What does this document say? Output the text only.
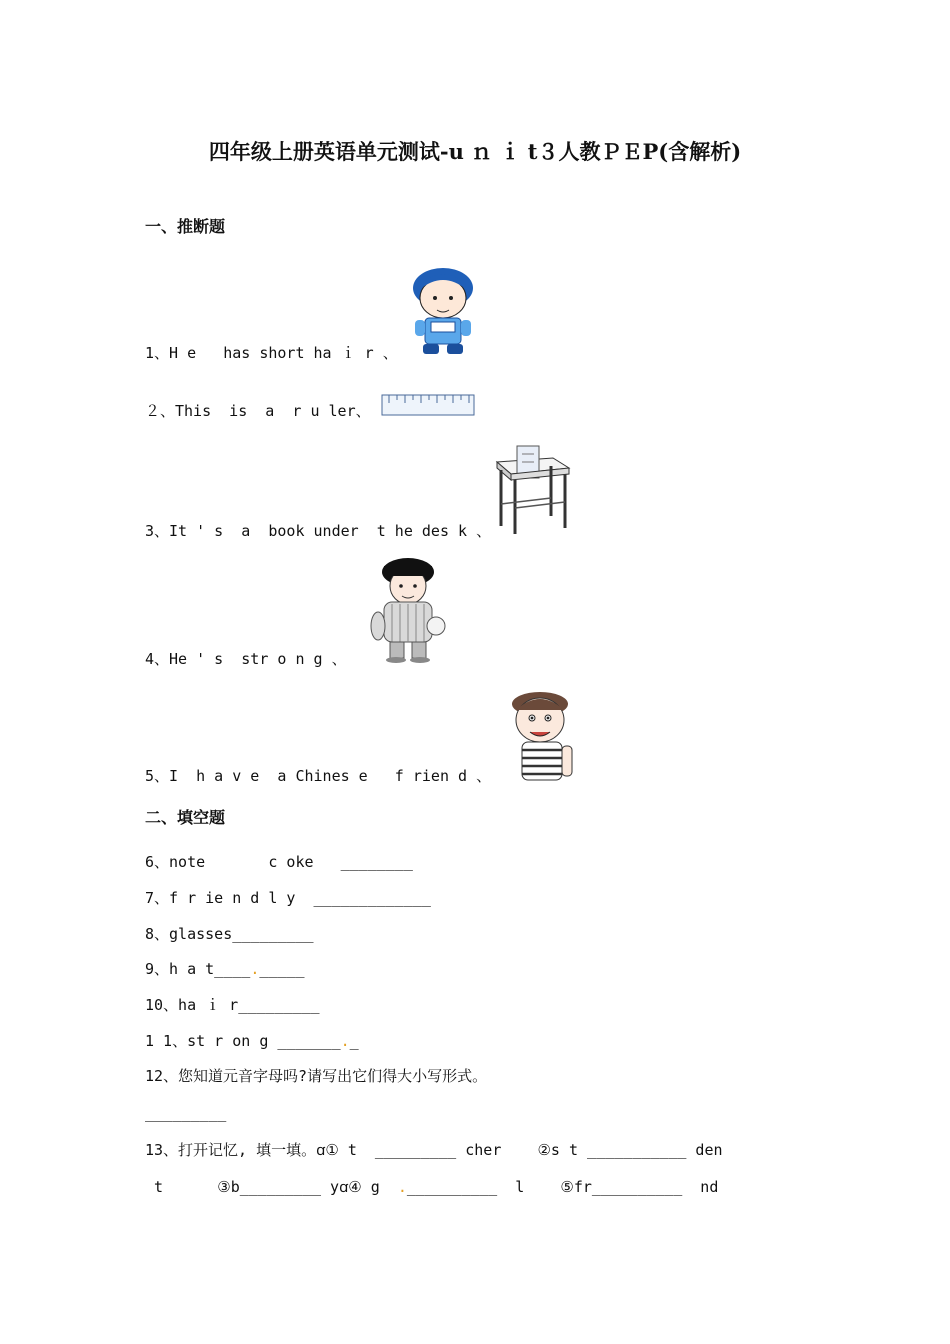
四年级上册英语单元测试-u ｎ ｉ t３人教ＰＥP(含解析)
一、推断题
1、H e   has short ha ｉ r 、
２、This  is  a  r u ler、
3、It ' s  a  book under  t he des k 、
4、He ' s  str o n g 、
5、I  h a v e  a Chines e   f rien d 、
二、填空题
6、note       c oke   ________
7、f r ie n d l y  _____________
8、glasses_________
9、h a t____._____
10、ha ｉ r_________
1 1、st r on g _______._
12、您知道元音字母吗?请写出它们得大小写形式。
_________
13、打开记忆, 填一填。ꭤ① t  _________ cher    ②s t ___________ den
t      ③b_________ yꭤ④ g  .__________  l    ⑤fr__________  nd
